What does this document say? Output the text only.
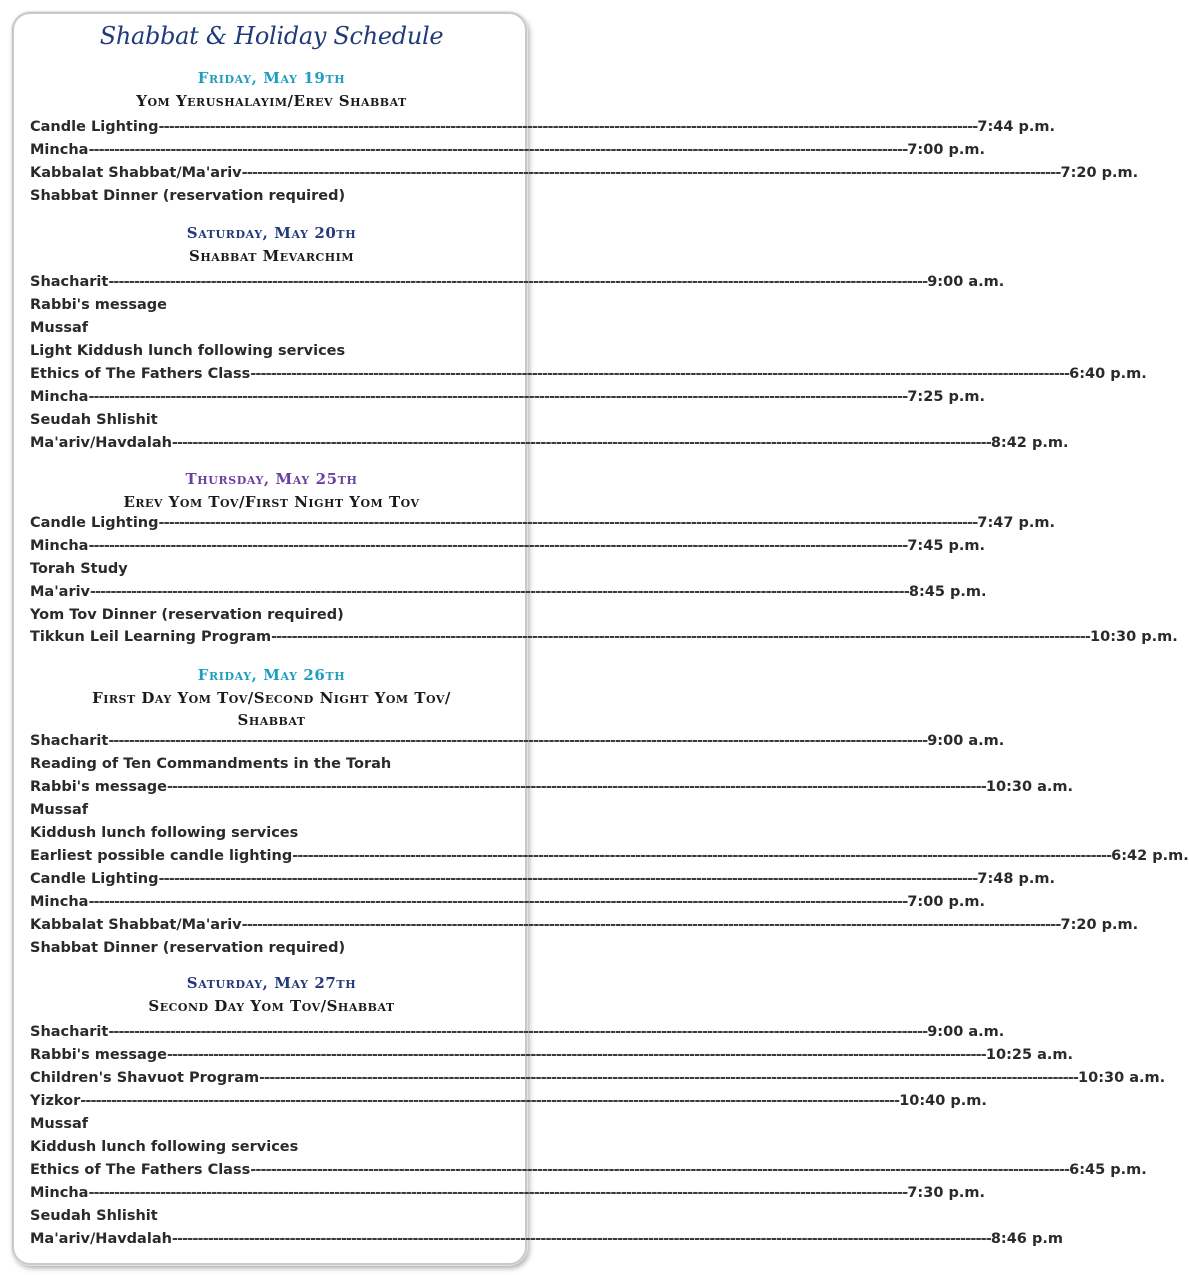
Shabbat & Holiday Schedule
Friday, May 19th
Yom Yerushalayim/Erev Shabbat
Candle Lighting ---------------------------------------------------------------------------------------------------------------------------------------------------------------- 7:44 p.m.
Mincha ---------------------------------------------------------------------------------------------------------------------------------------------------------------- 7:00 p.m.
Kabbalat Shabbat/Ma'ariv ---------------------------------------------------------------------------------------------------------------------------------------------------------------- 7:20 p.m.
Shabbat Dinner (reservation required)
Saturday, May 20th
Shabbat Mevarchim
Shacharit ---------------------------------------------------------------------------------------------------------------------------------------------------------------- 9:00 a.m.
Rabbi's message
Mussaf
Light Kiddush lunch following services
Ethics of The Fathers Class ---------------------------------------------------------------------------------------------------------------------------------------------------------------- 6:40 p.m.
Mincha ---------------------------------------------------------------------------------------------------------------------------------------------------------------- 7:25 p.m.
Seudah Shlishit
Ma'ariv/Havdalah ---------------------------------------------------------------------------------------------------------------------------------------------------------------- 8:42 p.m.
Thursday, May 25th
Erev Yom Tov/First Night Yom Tov
Candle Lighting ---------------------------------------------------------------------------------------------------------------------------------------------------------------- 7:47 p.m.
Mincha ---------------------------------------------------------------------------------------------------------------------------------------------------------------- 7:45 p.m.
Torah Study
Ma'ariv ---------------------------------------------------------------------------------------------------------------------------------------------------------------- 8:45 p.m.
Yom Tov Dinner (reservation required)
Tikkun Leil Learning Program ---------------------------------------------------------------------------------------------------------------------------------------------------------------- 10:30 p.m.
Friday, May 26th
First Day Yom Tov/Second Night Yom Tov/
Shabbat
Shacharit ---------------------------------------------------------------------------------------------------------------------------------------------------------------- 9:00 a.m.
Reading of Ten Commandments in the Torah
Rabbi's message ---------------------------------------------------------------------------------------------------------------------------------------------------------------- 10:30 a.m.
Mussaf
Kiddush lunch following services
Earliest possible candle lighting ---------------------------------------------------------------------------------------------------------------------------------------------------------------- 6:42 p.m.
Candle Lighting ---------------------------------------------------------------------------------------------------------------------------------------------------------------- 7:48 p.m.
Mincha ---------------------------------------------------------------------------------------------------------------------------------------------------------------- 7:00 p.m.
Kabbalat Shabbat/Ma'ariv ---------------------------------------------------------------------------------------------------------------------------------------------------------------- 7:20 p.m.
Shabbat Dinner (reservation required)
Saturday, May 27th
Second Day Yom Tov/Shabbat
Shacharit ---------------------------------------------------------------------------------------------------------------------------------------------------------------- 9:00 a.m.
Rabbi's message ---------------------------------------------------------------------------------------------------------------------------------------------------------------- 10:25 a.m.
Children's Shavuot Program ---------------------------------------------------------------------------------------------------------------------------------------------------------------- 10:30 a.m.
Yizkor ---------------------------------------------------------------------------------------------------------------------------------------------------------------- 10:40 p.m.
Mussaf
Kiddush lunch following services
Ethics of The Fathers Class ---------------------------------------------------------------------------------------------------------------------------------------------------------------- 6:45 p.m.
Mincha ---------------------------------------------------------------------------------------------------------------------------------------------------------------- 7:30 p.m.
Seudah Shlishit
Ma'ariv/Havdalah ---------------------------------------------------------------------------------------------------------------------------------------------------------------- 8:46 p.m
